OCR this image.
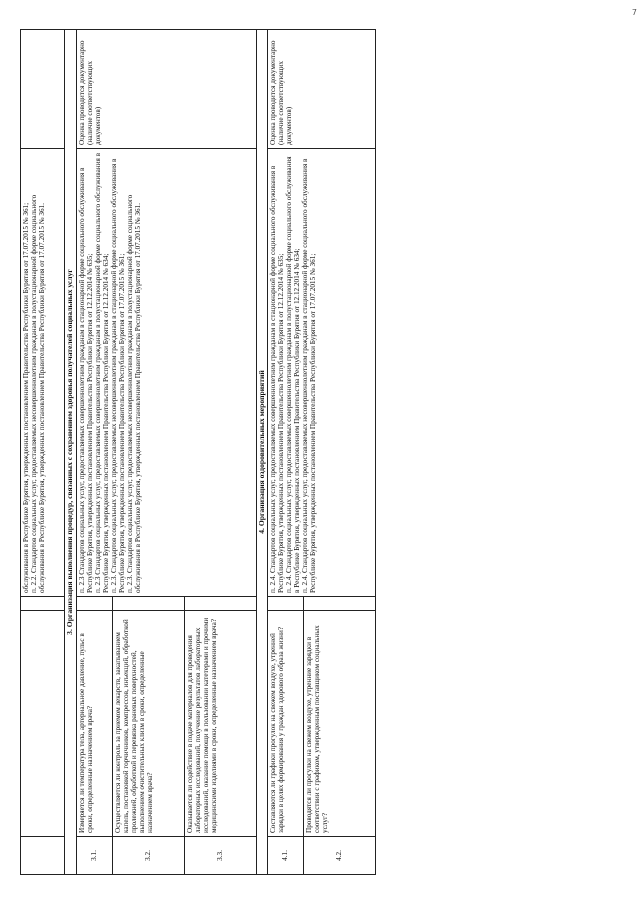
7

			обслуживания в Республике Бурятия, утвержденных постановлением Правительства Республики Бурятия от 17.07.2015 № 361; п. 2.2. Стандартов социальных услуг, предоставляемых несовершеннолетним гражданам в полустационарной форме социального обслуживания в Республике Бурятия, утвержденных постановлением Правительства Республики Бурятия от 17.07.2015 № 361.	

3. Организация выполнения процедур, связанных с сохранением здоровья получателей социальных услуг				
3.1.	Измеряется ли температура тела, артериальное давление, пульс в сроки, определенные назначением врача?		п. 2.3 Стандартов социальных услуг, предоставляемых совершеннолетним гражданам в стационарной форме социального обслуживания в Республике Бурятия, утвержденных постановлением Правительства Республики Бурятия от 12.12.2014 № 635; п. 2.3 Стандартов социальных услуг, предоставляемых совершеннолетним гражданам в полустационарной форме социального обслуживания в Республике Бурятия, утвержденных постановлением Правительства Республики Бурятия от 12.12.2014 № 634; п. 2.3. Стандартов социальных услуг, предоставляемых несовершеннолетним гражданам в стационарной форме социального обслуживания в Республике Бурятия, утвержденных постановлением Правительства Республики Бурятия от 17.07.2015 № 361; п. 2.3. Стандартов социальных услуг, предоставляемых несовершеннолетним гражданам в полустационарной форме социального обслуживания в Республике Бурятия, утвержденных постановлением Правительства Республики Бурятия от 17.07.2015 № 361.	Оценка проводится документарно (наличие соответствующих документов)
3.2.	Осуществляется ли контроль за приемом лекарств, закапыванием капель, постановкой горчичников, компрессов, инъекций, обработкой пролежней, обработкой и перевязка раневых поверхностей, выполнением очистительных клизм в сроки, определенные назначением врача?			
3.3.	Оказывается ли содействие в подаче материалов для проведения лабораторных исследований, получение результатов лабораторных исследований, оказание помощи в пользовании катетерами и прочими медицинскими изделиями в сроки, определенные назначением врача?			
4. Организация оздоровительных мероприятий				
4.1.	Составляются ли графики прогулок на свежем воздухе, утренней зарядки в целях формирования у граждан здорового образа жизни?		п. 2.4. Стандартов социальных услуг, предоставляемых совершеннолетним гражданам в стационарной форме социального обслуживания в Республике Бурятия, утвержденных постановлением Правительства Республики Бурятия от 12.12.2014 № 635; п. 2.4. Стандартов социальных услуг, предоставляемых совершеннолетним гражданам в полустационарной форме социального обслуживания в Республике Бурятия, утвержденных постановлением Правительства Республики Бурятия от 12.12.2014 № 634; п. 2.4. Стандартов социальных услуг, предоставляемых несовершеннолетним гражданам в стационарной форме социального обслуживания в Республике Бурятия, утвержденных постановлением Правительства Республики Бурятия от 17.07.2015 № 361;	Оценка проводится документарно (наличие соответствующих документов)
4.2.	Проводятся ли прогулки на свежем воздухе, утренние зарядки в соответствии с графиком, утвержденным поставщиком социальных услуг?			
